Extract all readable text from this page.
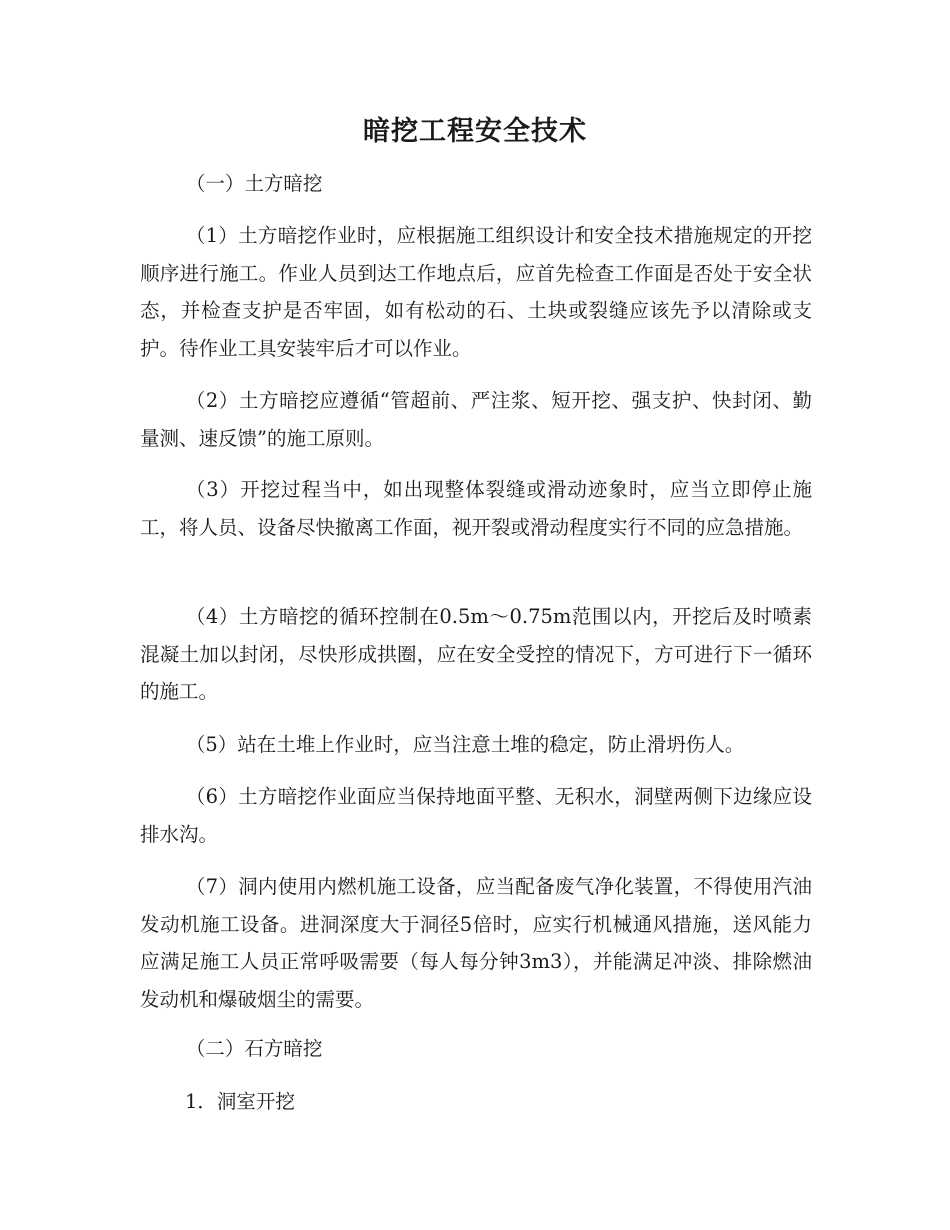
暗挖工程安全技术

（一）土方暗挖

（1）土方暗挖作业时，应根据施工组织设计和安全技术措施规定的开挖顺序进行施工。作业人员到达工作地点后，应首先检查工作面是否处于安全状态，并检查支护是否牢固，如有松动的石、土块或裂缝应该先予以清除或支护。待作业工具安装牢后才可以作业。

（2）土方暗挖应遵循“管超前、严注浆、短开挖、强支护、快封闭、勤量测、速反馈”的施工原则。

（3）开挖过程当中，如出现整体裂缝或滑动迹象时，应当立即停止施工，将人员、设备尽快撤离工作面，视开裂或滑动程度实行不同的应急措施。

（4）土方暗挖的循环控制在0.5m～0.75m范围以内，开挖后及时喷素混凝土加以封闭，尽快形成拱圈，应在安全受控的情况下，方可进行下一循环的施工。

（5）站在土堆上作业时，应当注意土堆的稳定，防止滑坍伤人。

（6）土方暗挖作业面应当保持地面平整、无积水，洞壁两侧下边缘应设排水沟。

（7）洞内使用内燃机施工设备，应当配备废气净化装置，不得使用汽油发动机施工设备。进洞深度大于洞径5倍时，应实行机械通风措施，送风能力应满足施工人员正常呼吸需要（每人每分钟3m3），并能满足冲淡、排除燃油发动机和爆破烟尘的需要。

（二）石方暗挖

1．洞室开挖
